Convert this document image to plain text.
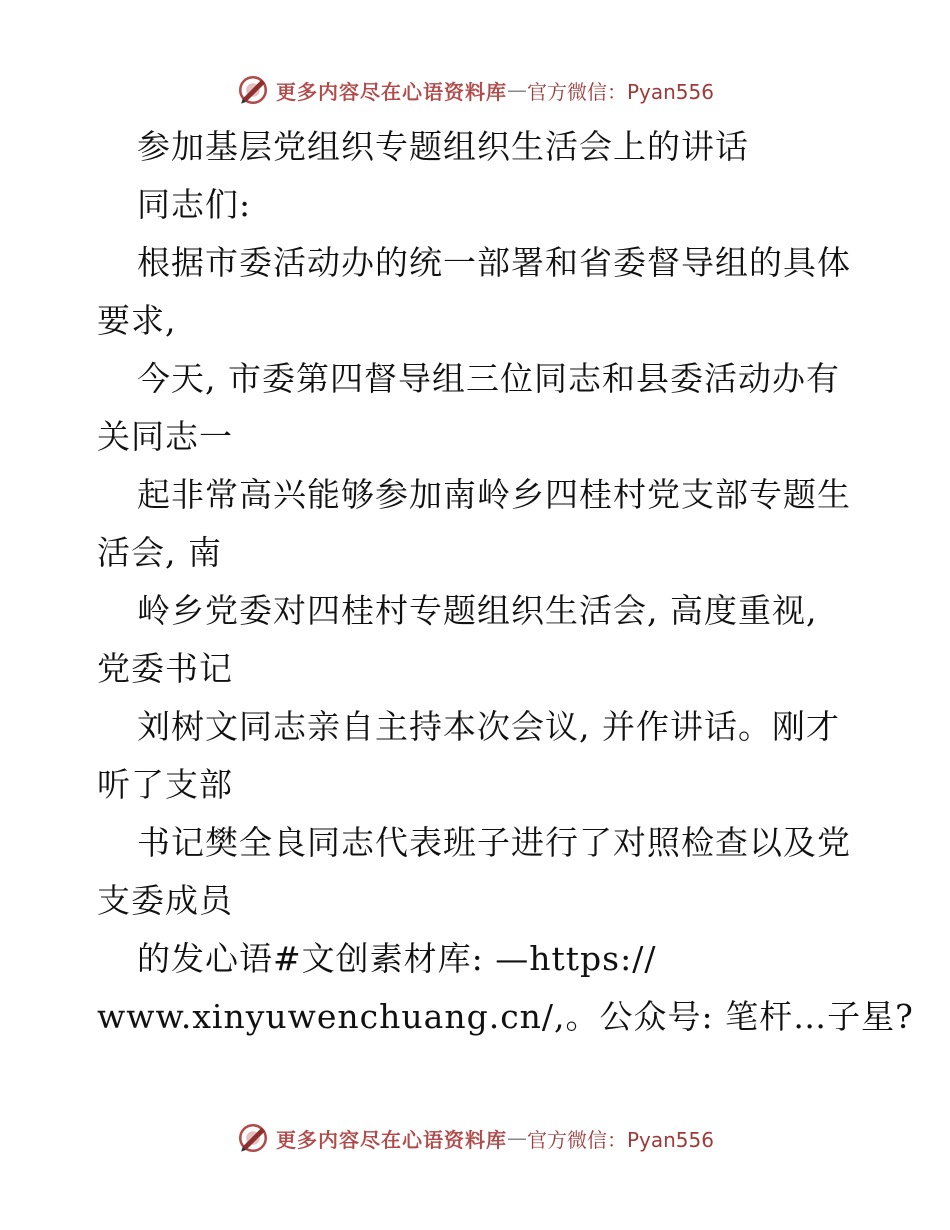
更多内容尽在心语资料库 — 官方微信：Pyan556
参加基层党组织专题组织生活会上的讲话
同志们:
根据市委活动办的统一部署和省委督导组的具体
要求,
今天, 市委第四督导组三位同志和县委活动办有
关同志一
起非常高兴能够参加南岭乡四桂村党支部专题生
活会, 南
岭乡党委对四桂村专题组织生活会, 高度重视,
党委书记
刘树文同志亲自主持本次会议, 并作讲话。刚才
听了支部
书记樊全良同志代表班子进行了对照检查以及党
支委成员
的发心语#文创素材库: —https://
www.xinyuwenchuang.cn/,。公众号: 笔杆…子星?
更多内容尽在心语资料库 — 官方微信：Pyan556
